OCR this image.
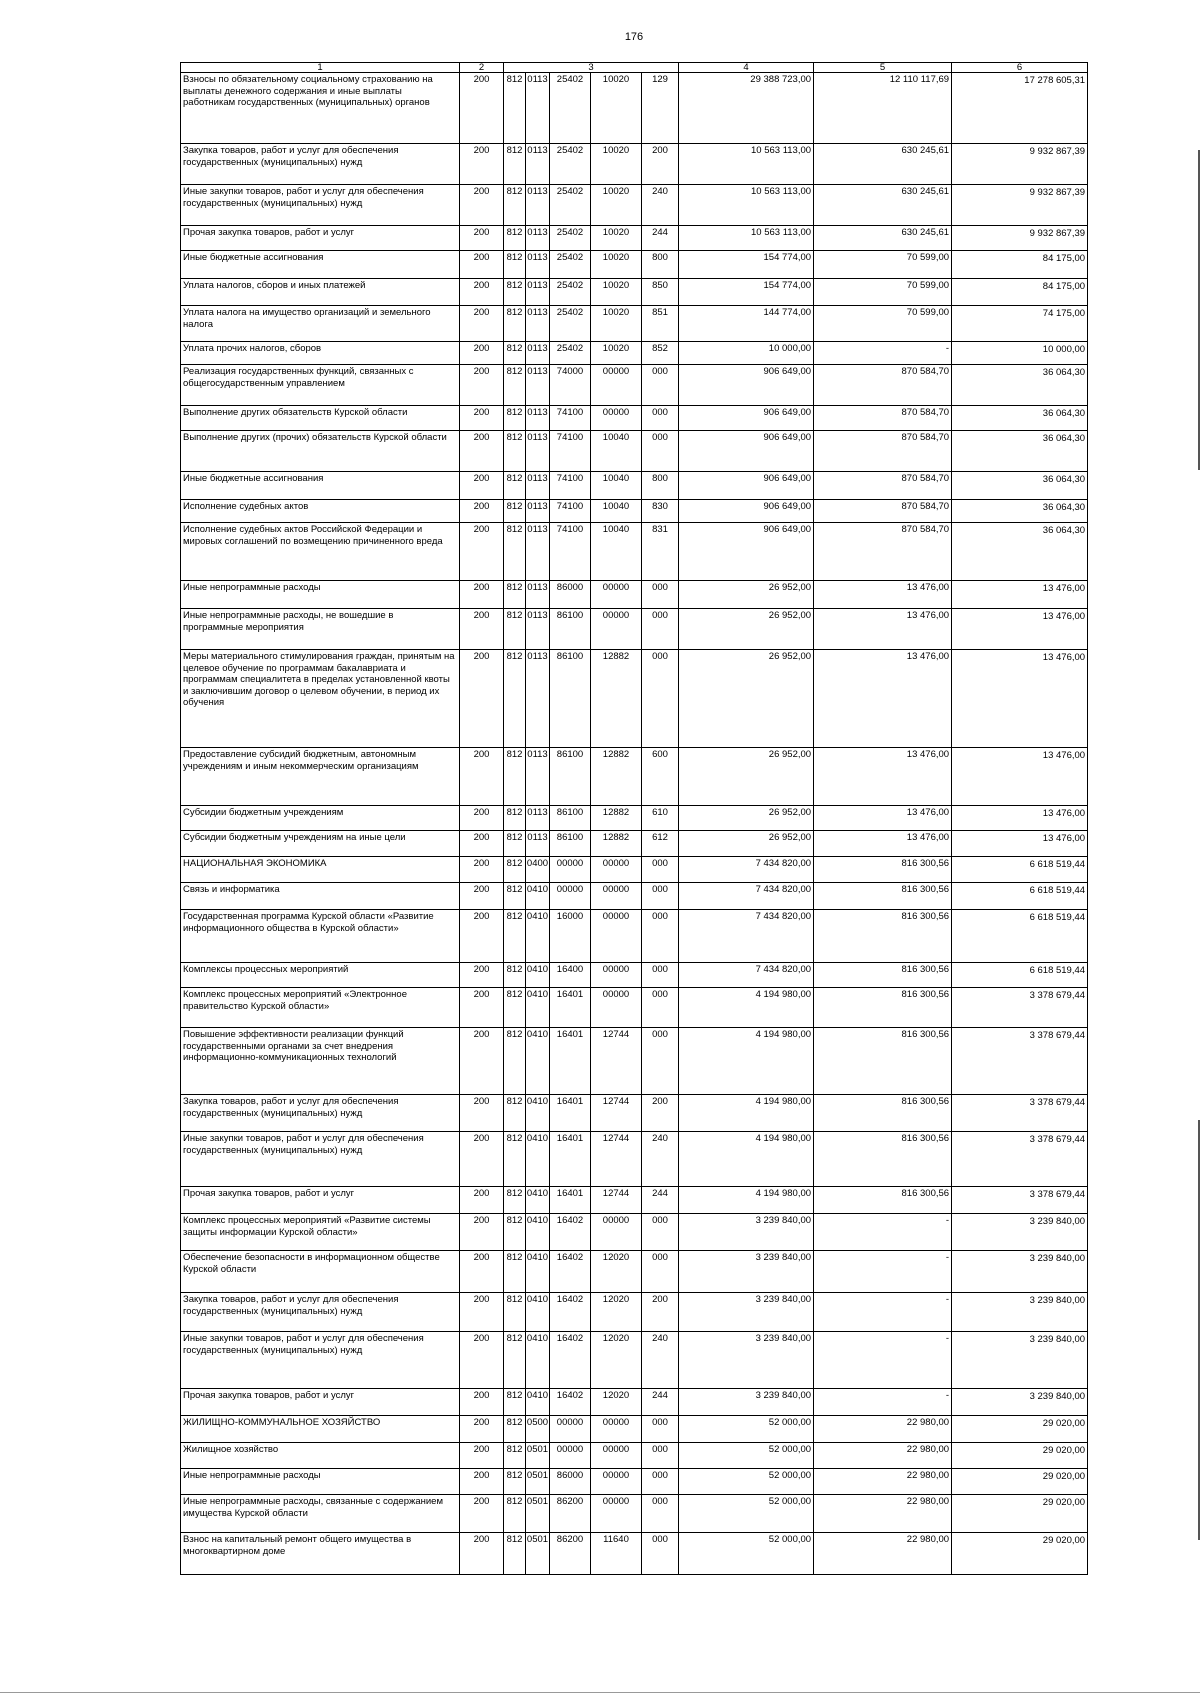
176
1	2	3					4	5	6
Взносы по обязательному социальному страхованию на выплаты денежного содержания и иные выплаты работникам государственных (муниципальных) органов	200	812	0113	25402	10020	129	29 388 723,00	12 110 117,69	17 278 605,31
Закупка товаров, работ и услуг для обеспечения государственных (муниципальных) нужд	200	812	0113	25402	10020	200	10 563 113,00	630 245,61	9 932 867,39
Иные закупки товаров, работ и услуг для обеспечения государственных (муниципальных) нужд	200	812	0113	25402	10020	240	10 563 113,00	630 245,61	9 932 867,39
Прочая закупка товаров, работ и услуг	200	812	0113	25402	10020	244	10 563 113,00	630 245,61	9 932 867,39
Иные бюджетные ассигнования	200	812	0113	25402	10020	800	154 774,00	70 599,00	84 175,00
Уплата налогов, сборов и иных платежей	200	812	0113	25402	10020	850	154 774,00	70 599,00	84 175,00
Уплата налога на имущество организаций и земельного налога	200	812	0113	25402	10020	851	144 774,00	70 599,00	74 175,00
Уплата прочих налогов, сборов	200	812	0113	25402	10020	852	10 000,00	-	10 000,00
Реализация государственных функций, связанных с общегосударственным управлением	200	812	0113	74000	00000	000	906 649,00	870 584,70	36 064,30
Выполнение других обязательств Курской области	200	812	0113	74100	00000	000	906 649,00	870 584,70	36 064,30
Выполнение других (прочих) обязательств Курской области	200	812	0113	74100	10040	000	906 649,00	870 584,70	36 064,30
Иные бюджетные ассигнования	200	812	0113	74100	10040	800	906 649,00	870 584,70	36 064,30
Исполнение судебных актов	200	812	0113	74100	10040	830	906 649,00	870 584,70	36 064,30
Исполнение судебных актов Российской Федерации и мировых соглашений по возмещению причиненного вреда	200	812	0113	74100	10040	831	906 649,00	870 584,70	36 064,30
Иные непрограммные расходы	200	812	0113	86000	00000	000	26 952,00	13 476,00	13 476,00
Иные непрограммные расходы, не вошедшие в программные мероприятия	200	812	0113	86100	00000	000	26 952,00	13 476,00	13 476,00
Меры материального стимулирования граждан, принятым на целевое обучение по программам бакалавриата и программам специалитета в пределах установленной квоты и заключившим договор о целевом обучении, в период их обучения	200	812	0113	86100	12882	000	26 952,00	13 476,00	13 476,00
Предоставление субсидий бюджетным, автономным учреждениям и иным некоммерческим организациям	200	812	0113	86100	12882	600	26 952,00	13 476,00	13 476,00
Субсидии бюджетным учреждениям	200	812	0113	86100	12882	610	26 952,00	13 476,00	13 476,00
Субсидии бюджетным учреждениям на иные цели	200	812	0113	86100	12882	612	26 952,00	13 476,00	13 476,00
НАЦИОНАЛЬНАЯ ЭКОНОМИКА	200	812	0400	00000	00000	000	7 434 820,00	816 300,56	6 618 519,44
Связь и информатика	200	812	0410	00000	00000	000	7 434 820,00	816 300,56	6 618 519,44
Государственная программа Курской области «Развитие информационного общества в Курской области»	200	812	0410	16000	00000	000	7 434 820,00	816 300,56	6 618 519,44
Комплексы процессных мероприятий	200	812	0410	16400	00000	000	7 434 820,00	816 300,56	6 618 519,44
Комплекс процессных мероприятий «Электронное правительство Курской области»	200	812	0410	16401	00000	000	4 194 980,00	816 300,56	3 378 679,44
Повышение эффективности реализации функций государственными органами за счет внедрения информационно-коммуникационных технологий	200	812	0410	16401	12744	000	4 194 980,00	816 300,56	3 378 679,44
Закупка товаров, работ и услуг для обеспечения государственных (муниципальных) нужд	200	812	0410	16401	12744	200	4 194 980,00	816 300,56	3 378 679,44
Иные закупки товаров, работ и услуг для обеспечения государственных (муниципальных) нужд	200	812	0410	16401	12744	240	4 194 980,00	816 300,56	3 378 679,44
Прочая закупка товаров, работ и услуг	200	812	0410	16401	12744	244	4 194 980,00	816 300,56	3 378 679,44
Комплекс процессных мероприятий «Развитие системы защиты информации Курской области»	200	812	0410	16402	00000	000	3 239 840,00	-	3 239 840,00
Обеспечение безопасности в информационном обществе Курской области	200	812	0410	16402	12020	000	3 239 840,00	-	3 239 840,00
Закупка товаров, работ и услуг для обеспечения государственных (муниципальных) нужд	200	812	0410	16402	12020	200	3 239 840,00	-	3 239 840,00
Иные закупки товаров, работ и услуг для обеспечения государственных (муниципальных) нужд	200	812	0410	16402	12020	240	3 239 840,00	-	3 239 840,00
Прочая закупка товаров, работ и услуг	200	812	0410	16402	12020	244	3 239 840,00	-	3 239 840,00
ЖИЛИЩНО-КОММУНАЛЬНОЕ ХОЗЯЙСТВО	200	812	0500	00000	00000	000	52 000,00	22 980,00	29 020,00
Жилищное хозяйство	200	812	0501	00000	00000	000	52 000,00	22 980,00	29 020,00
Иные непрограммные расходы	200	812	0501	86000	00000	000	52 000,00	22 980,00	29 020,00
Иные непрограммные расходы, связанные с содержанием имущества Курской области	200	812	0501	86200	00000	000	52 000,00	22 980,00	29 020,00
Взнос на капитальный ремонт общего имущества в многоквартирном доме	200	812	0501	86200	11640	000	52 000,00	22 980,00	29 020,00
